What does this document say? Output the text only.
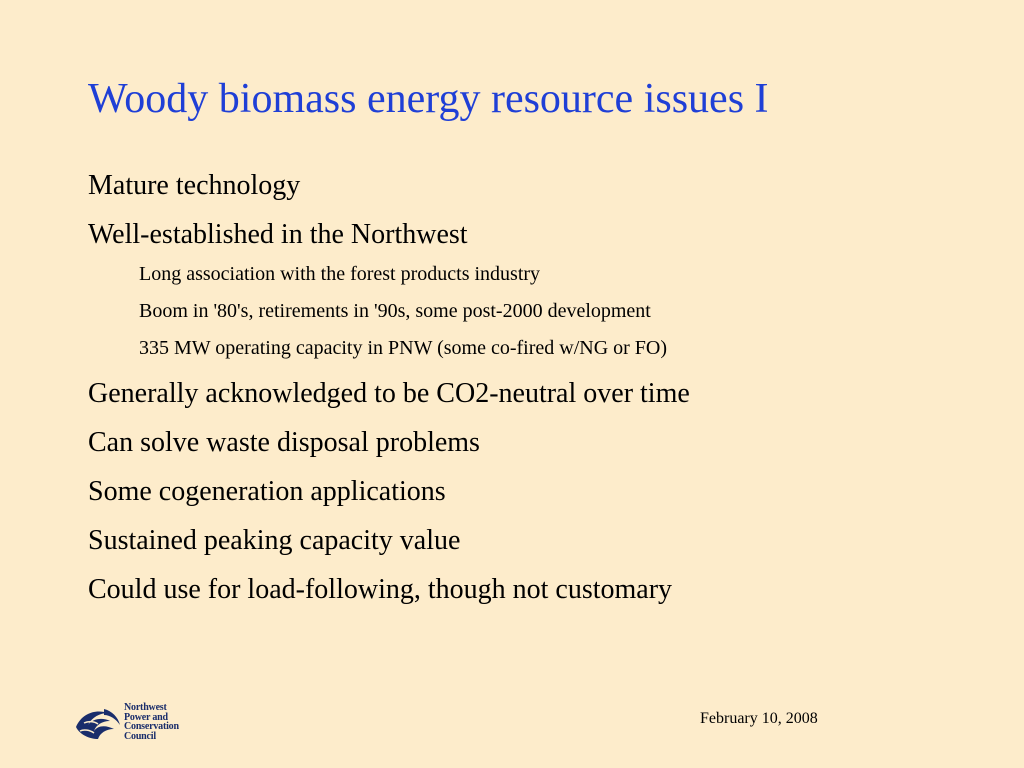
Woody biomass energy resource issues I
Mature technology
Well-established in the Northwest
Long association with the forest products industry
Boom in '80's, retirements in '90s, some post-2000 development
335 MW operating capacity in PNW (some co-fired w/NG or FO)
Generally acknowledged to be CO2-neutral over time
Can solve waste disposal problems
Some cogeneration applications
Sustained peaking capacity value
Could use for load-following, though not customary
Northwest
Power and
Conservation
Council
February 10, 2008
